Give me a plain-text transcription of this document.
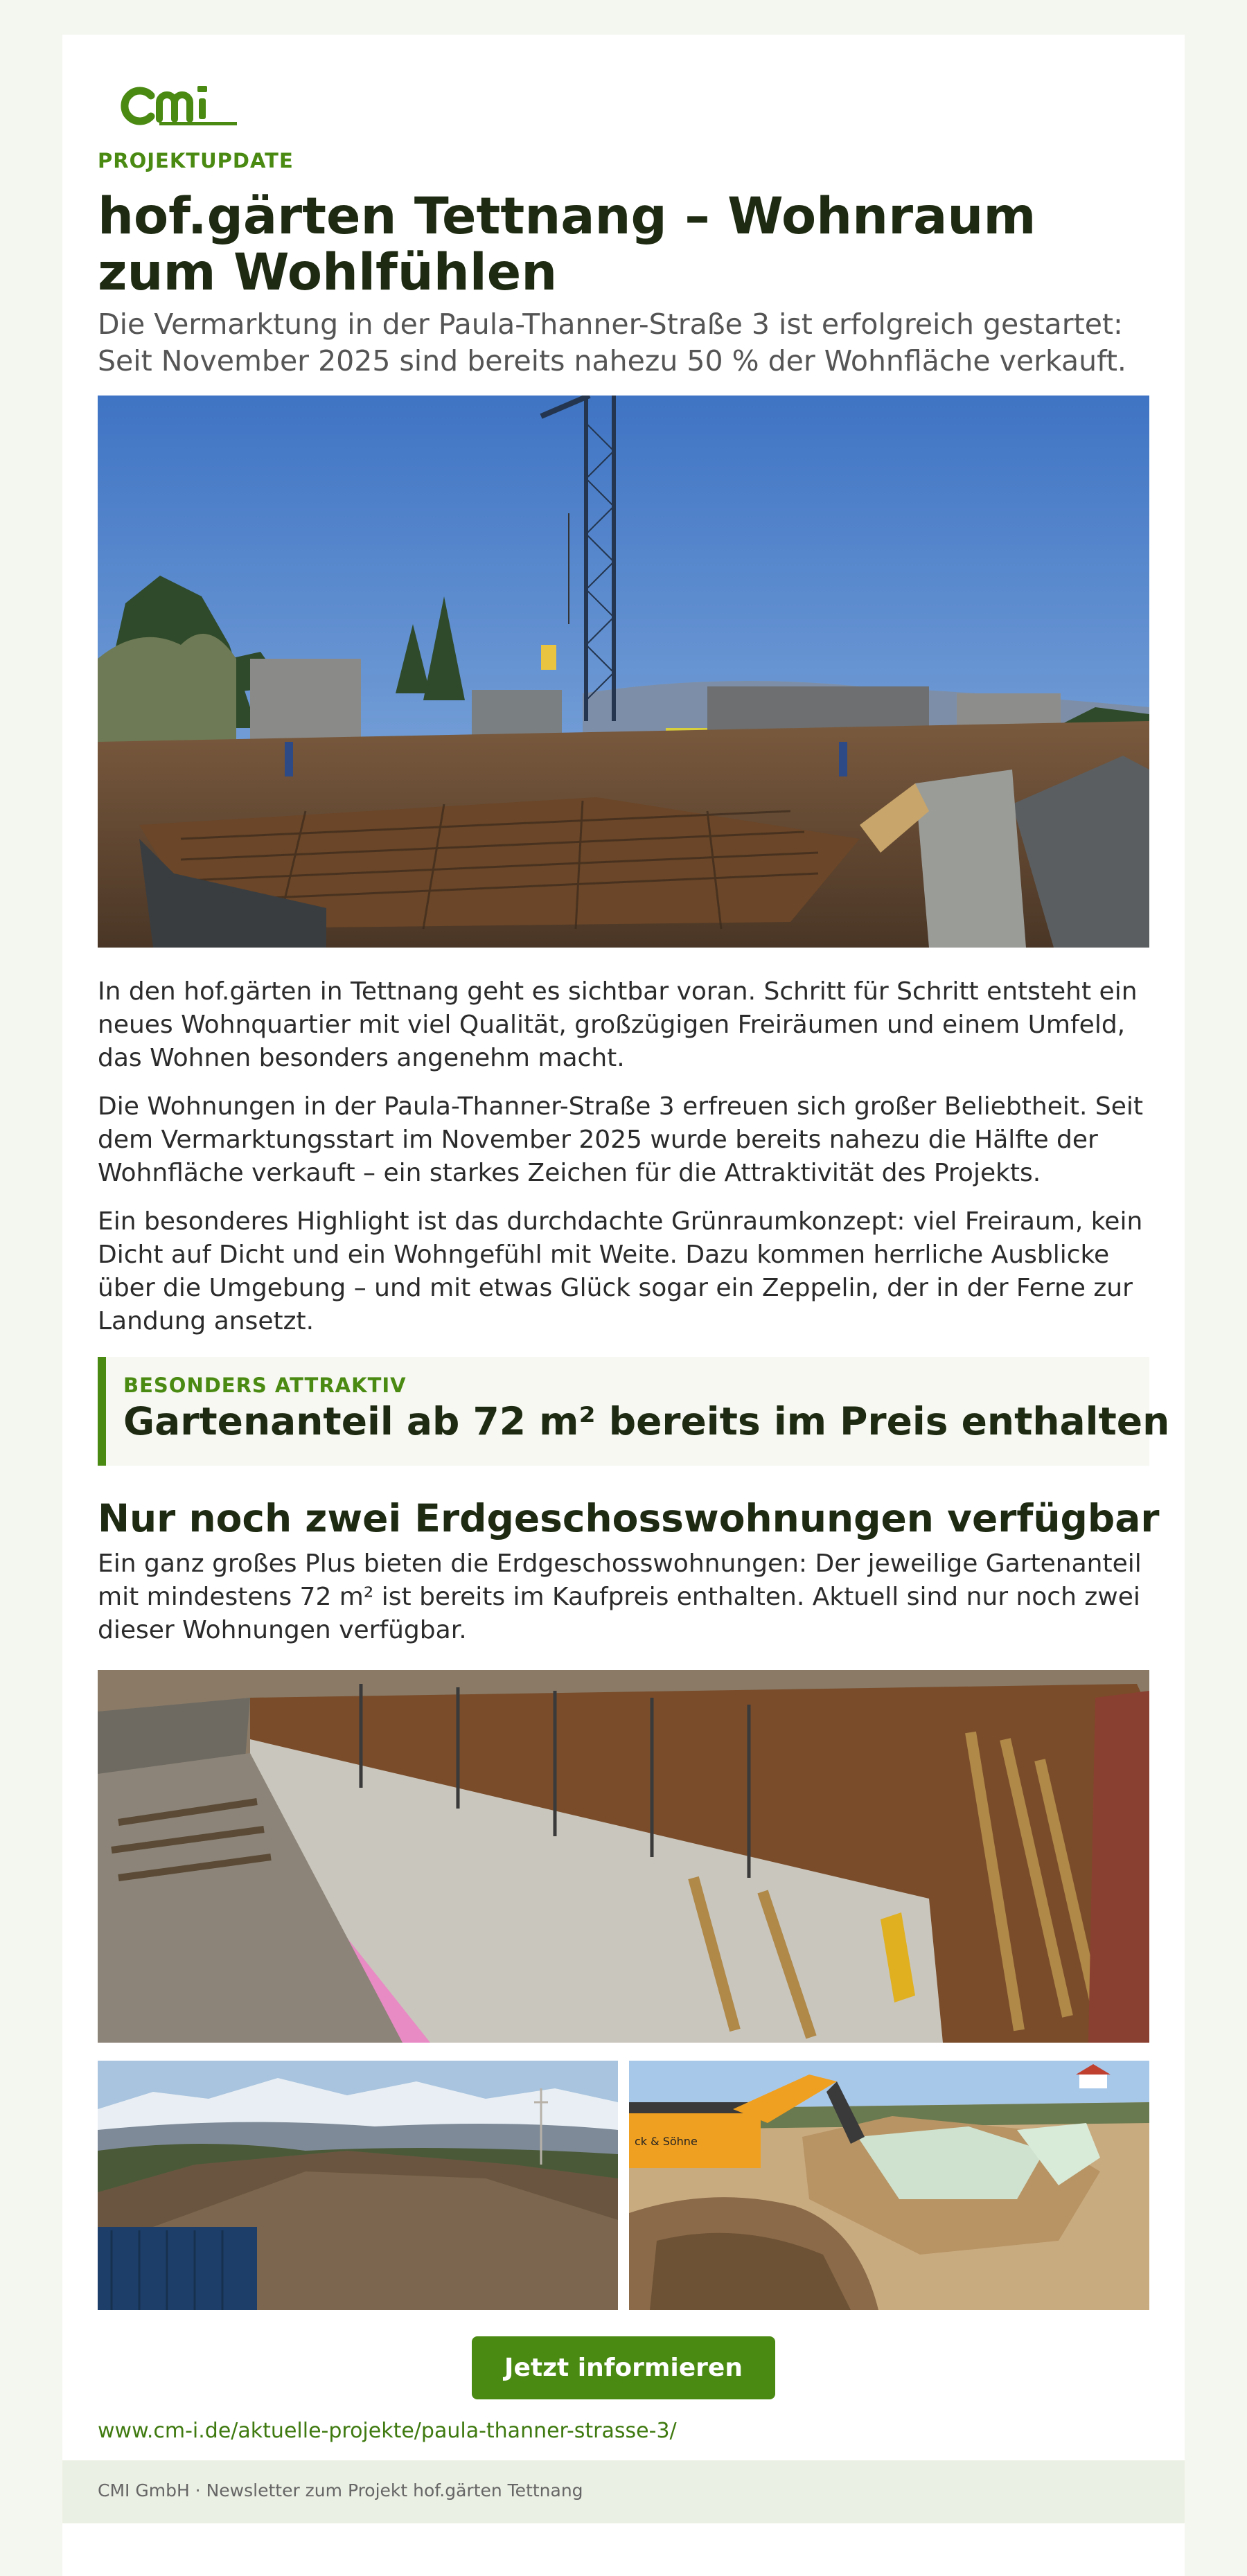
PROJEKTUPDATE
hof.gärten Tettnang – Wohnraum zum Wohlfühlen

Die Vermarktung in der Paula-Thanner-Straße 3 ist erfolgreich gestartet: Seit November 2025 sind bereits nahezu 50 % der Wohnfläche verkauft.

In den hof.gärten in Tettnang geht es sichtbar voran. Schritt für Schritt entsteht ein neues Wohnquartier mit viel Qualität, großzügigen Freiräumen und einem Umfeld, das Wohnen besonders angenehm macht.

Die Wohnungen in der Paula-Thanner-Straße 3 erfreuen sich großer Beliebtheit. Seit dem Vermarktungsstart im November 2025 wurde bereits nahezu die Hälfte der Wohnfläche verkauft – ein starkes Zeichen für die Attraktivität des Projekts.

Ein besonderes Highlight ist das durchdachte Grünraumkonzept: viel Freiraum, kein Dicht auf Dicht und ein Wohngefühl mit Weite. Dazu kommen herrliche Ausblicke über die Umgebung – und mit etwas Glück sogar ein Zeppelin, der in der Ferne zur Landung ansetzt.

BESONDERS ATTRAKTIV
Gartenanteil ab 72 m² bereits im Preis enthalten
Nur noch zwei Erdgeschosswohnungen verfügbar

Ein ganz großes Plus bieten die Erdgeschosswohnungen: Der jeweilige Gartenanteil mit mindestens 72 m² ist bereits im Kaufpreis enthalten. Aktuell sind nur noch zwei dieser Wohnungen verfügbar.

ck & Söhne
Jetzt informieren
www.cm-i.de/aktuelle-projekte/paula-thanner-strasse-3/
CMI GmbH · Newsletter zum Projekt hof.gärten Tettnang
